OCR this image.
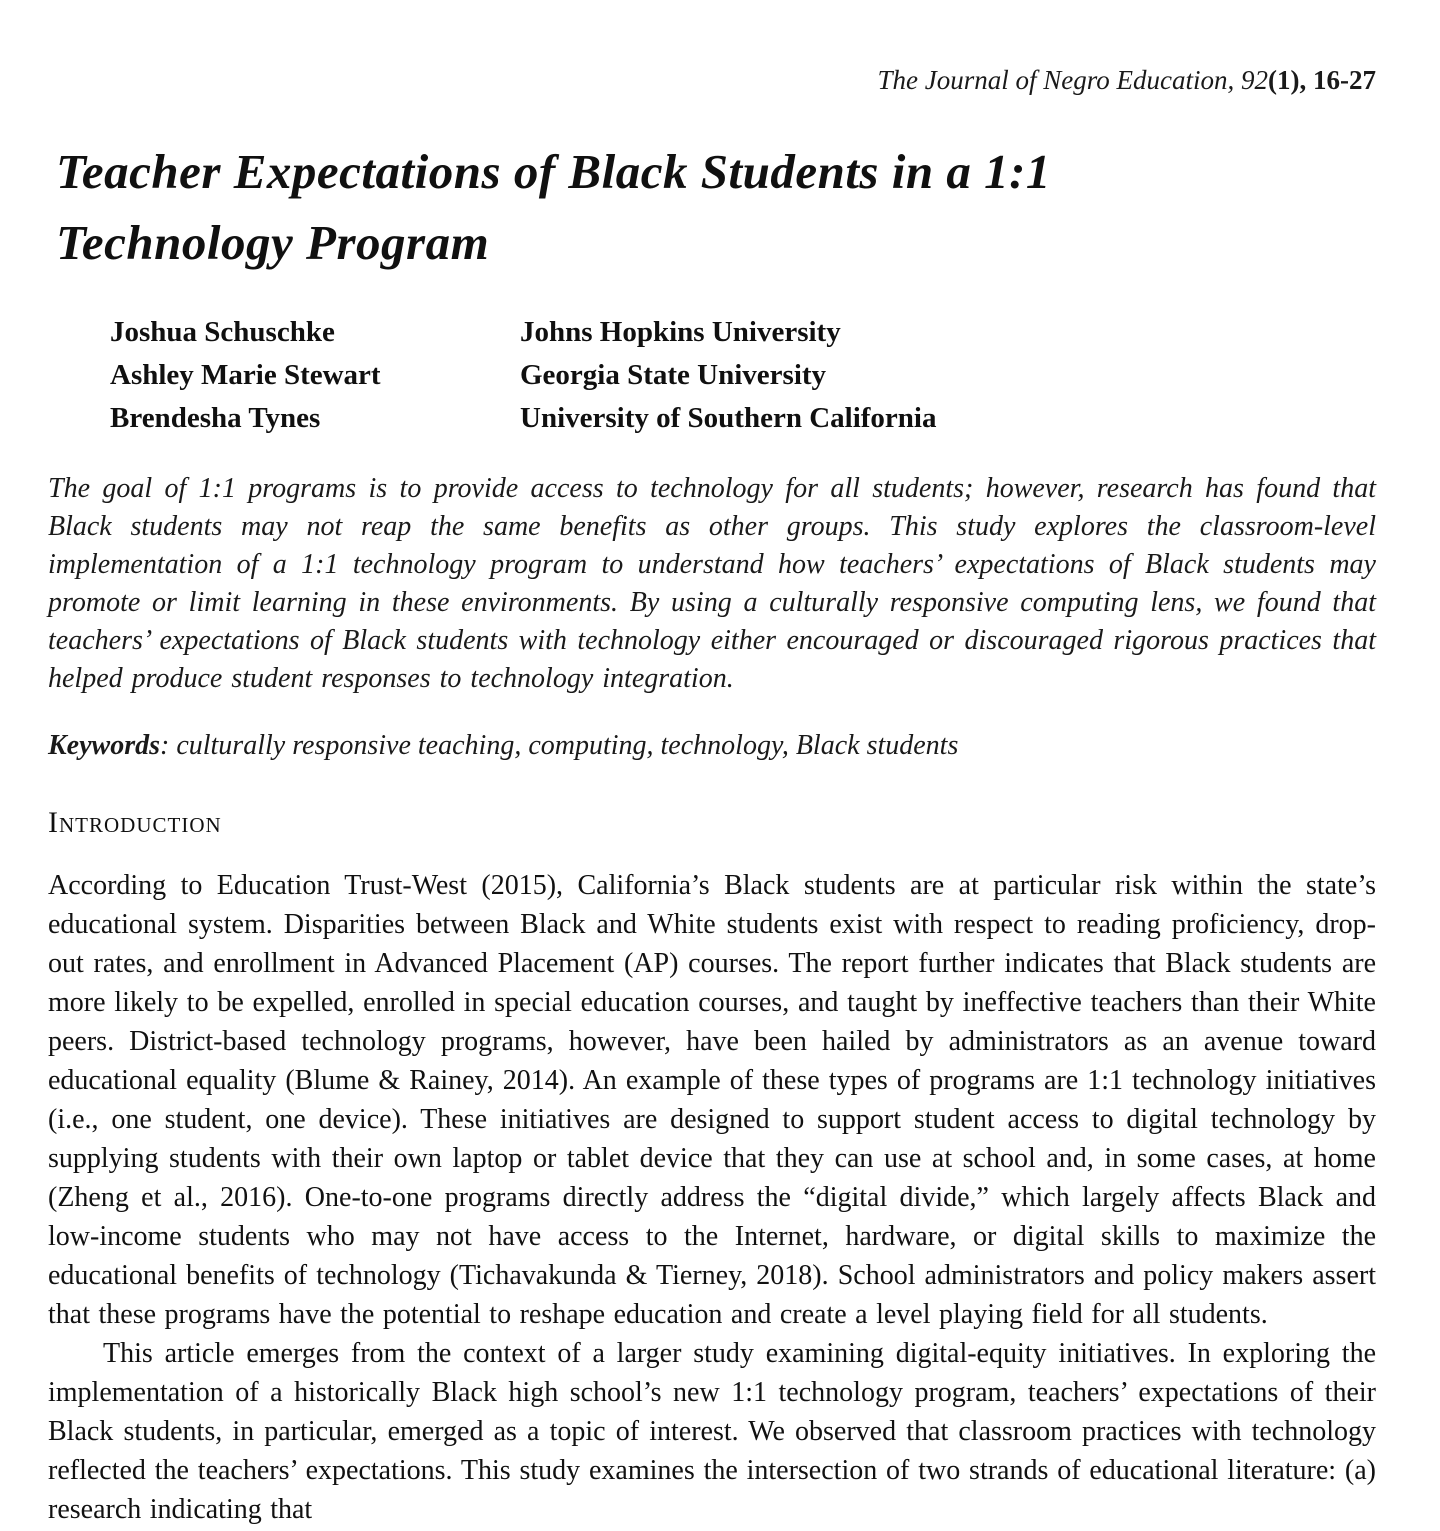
The Journal of Negro Education, 92(1), 16-27
Teacher Expectations of Black Students in a 1:1 Technology Program
Joshua Schuschke	Johns Hopkins University
Ashley Marie Stewart	Georgia State University
Brendesha Tynes	University of Southern California
The goal of 1:1 programs is to provide access to technology for all students; however, research has found that Black students may not reap the same benefits as other groups. This study explores the classroom-level implementation of a 1:1 technology program to understand how teachers’ expectations of Black students may promote or limit learning in these environments. By using a culturally responsive computing lens, we found that teachers’ expectations of Black students with technology either encouraged or discouraged rigorous practices that helped produce student responses to technology integration.
Keywords: culturally responsive teaching, computing, technology, Black students
Introduction

According to Education Trust-West (2015), California’s Black students are at particular risk within the state’s educational system. Disparities between Black and White students exist with respect to reading proficiency, drop-out rates, and enrollment in Advanced Placement (AP) courses. The report further indicates that Black students are more likely to be expelled, enrolled in special education courses, and taught by ineffective teachers than their White peers. District-based technology programs, however, have been hailed by administrators as an avenue toward educational equality (Blume & Rainey, 2014). An example of these types of programs are 1:1 technology initiatives (i.e., one student, one device). These initiatives are designed to support student access to digital technology by supplying students with their own laptop or tablet device that they can use at school and, in some cases, at home (Zheng et al., 2016). One-to-one programs directly address the “digital divide,” which largely affects Black and low-income students who may not have access to the Internet, hardware, or digital skills to maximize the educational benefits of technology (Tichavakunda & Tierney, 2018). School administrators and policy makers assert that these programs have the potential to reshape education and create a level playing field for all students.

This article emerges from the context of a larger study examining digital-equity initiatives. In exploring the implementation of a historically Black high school’s new 1:1 technology program, teachers’ expectations of their Black students, in particular, emerged as a topic of interest. We observed that classroom practices with technology reflected the teachers’ expectations. This study examines the intersection of two strands of educational literature: (a) research indicating that
